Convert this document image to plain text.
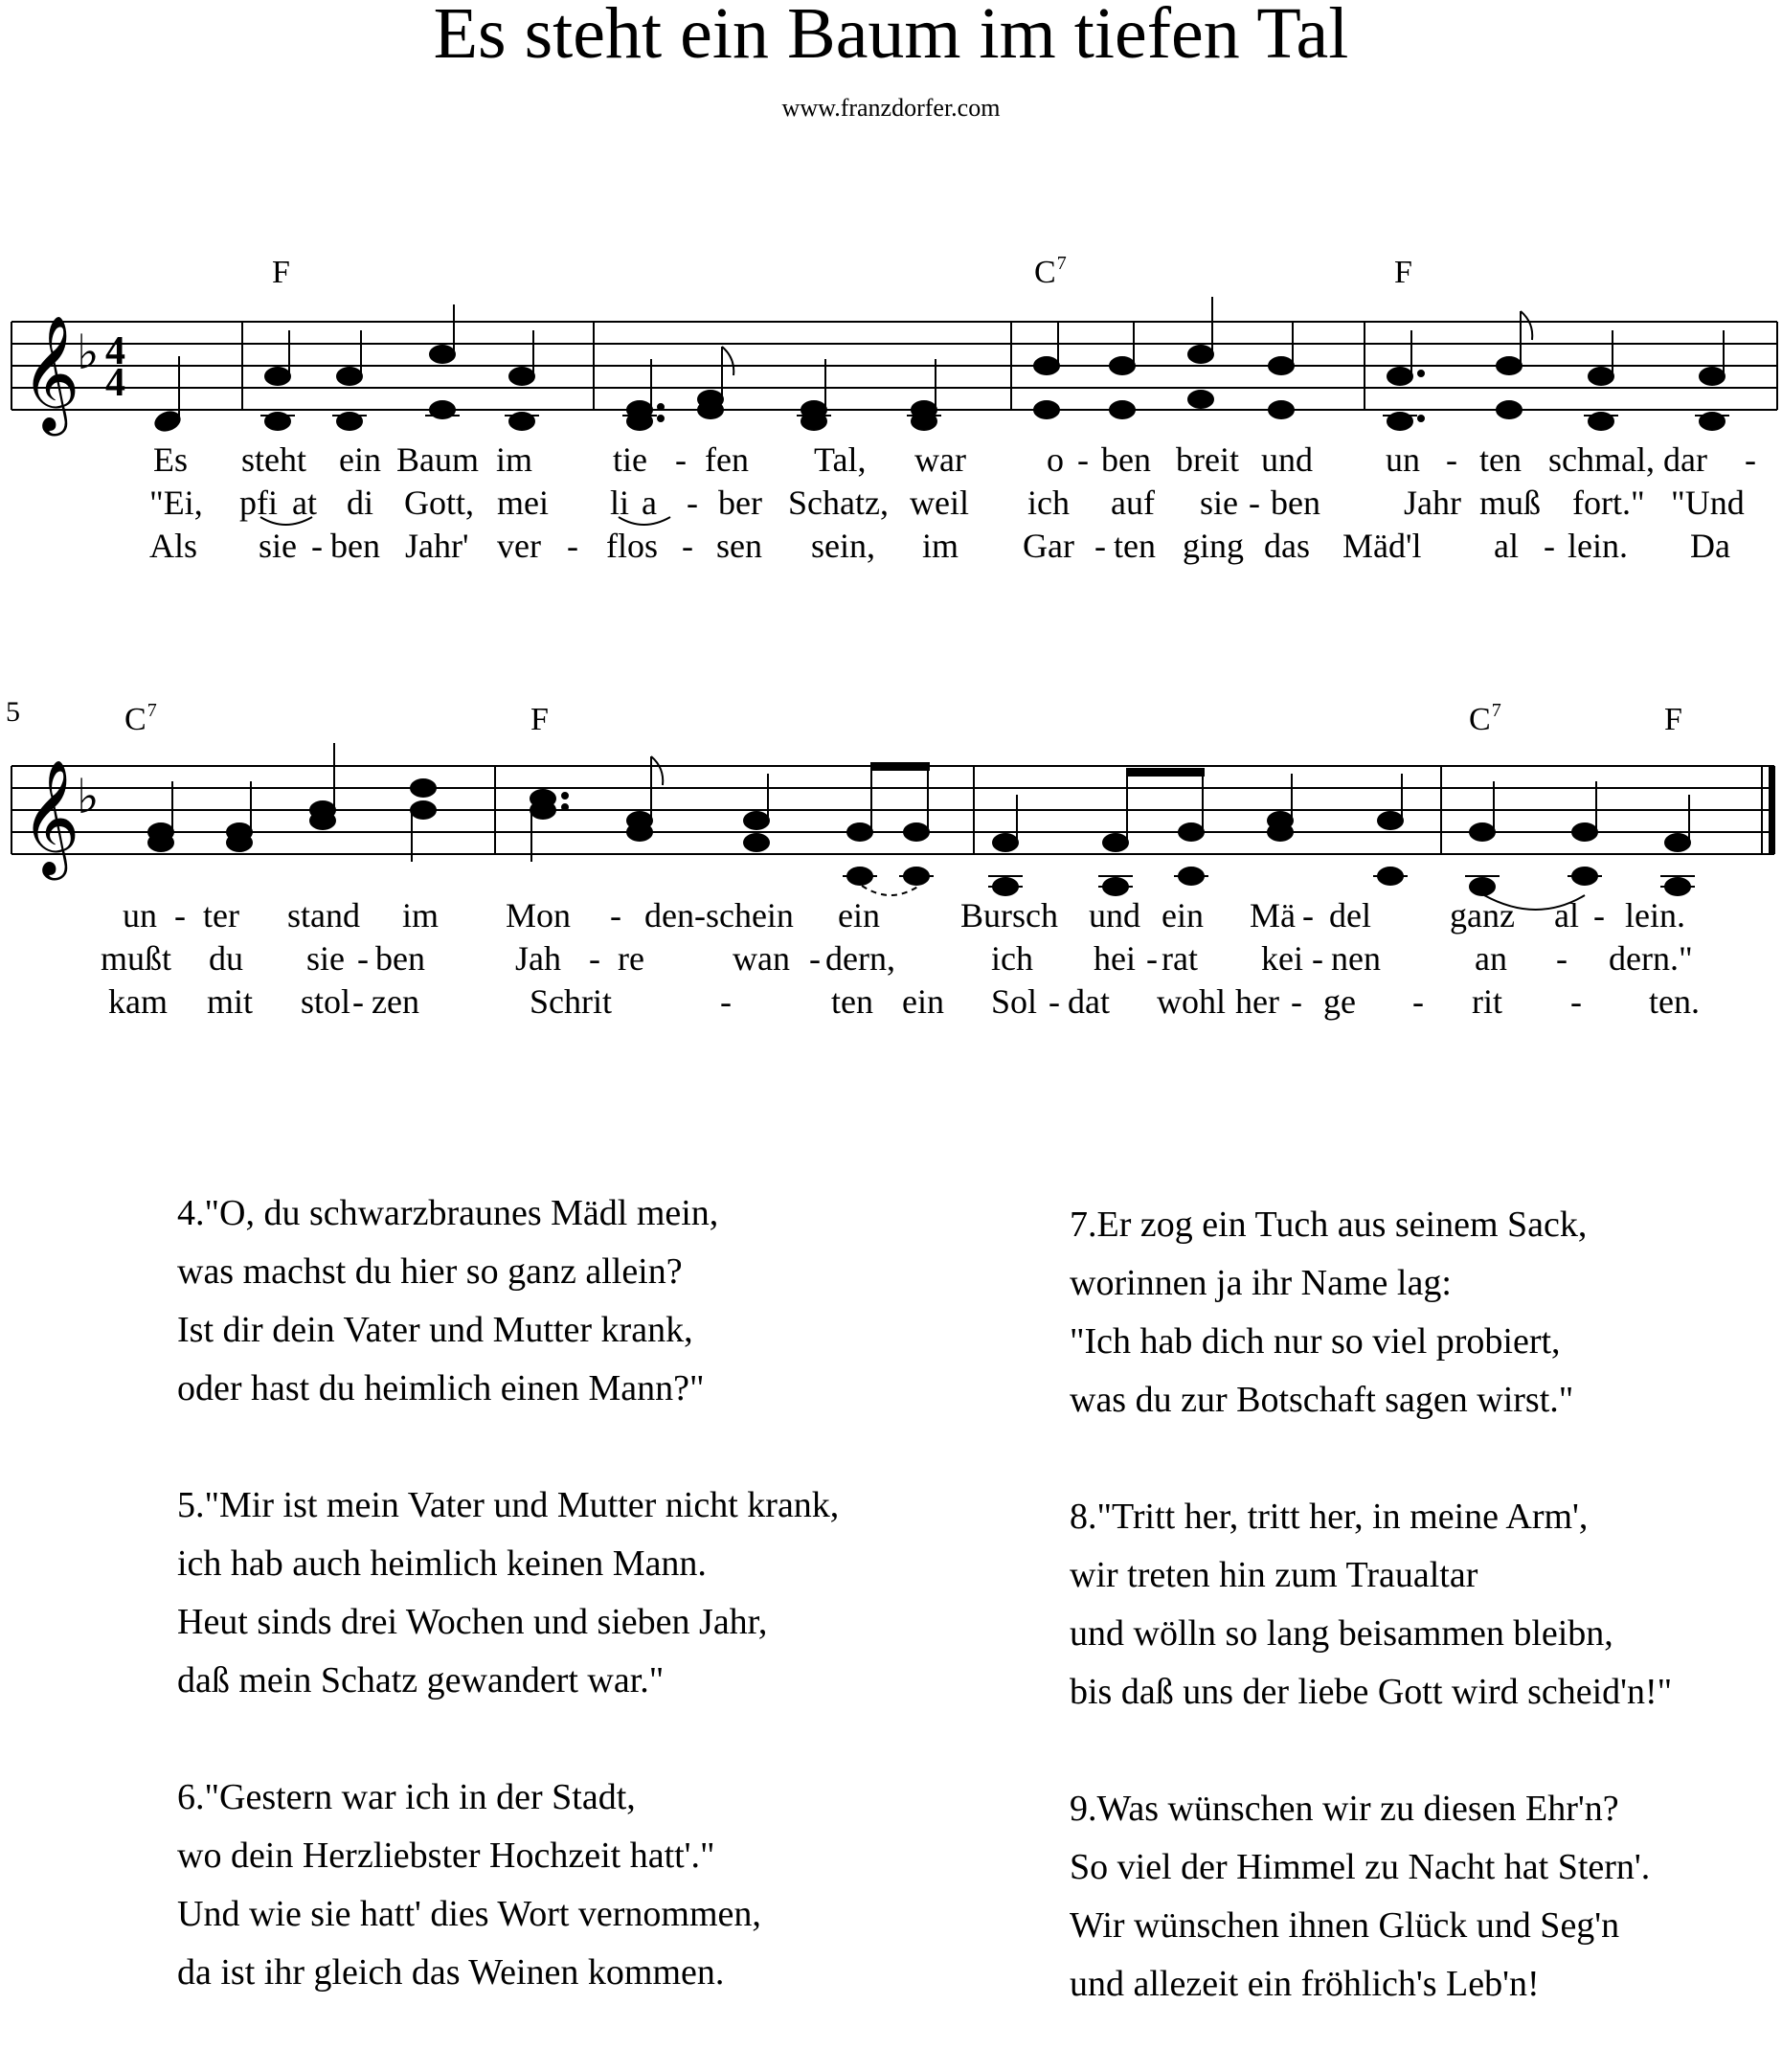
Es steht ein Baum im tiefen Tal
www.franzdorfer.com
F	$C^7$	F
𝄞
♭ 4
4
Es steht ein Baum im tie - fen Tal, war o - ben breit und un - ten schmal, dar -
"Ei, pfi at di Gott, mei li a - ber Schatz, weil ich auf sie - ben Jahr muß fort." "Und
Als sie - ben Jahr' ver - flos - sen sein, im Gar - ten ging das Mäd'l al - lein. Da
5	$C^7$	F	$C^7$	F
𝄞
♭
un - ter stand im Mon - den-schein ein Bursch und ein Mä - del ganz al - lein.
mußt du sie - ben	Jah - re	wan - dern,	ich hei - rat kei - nen	an - dern."
kam mit stol - zen	Schrit	-	ten ein Sol - dat wohl her - ge - rit - ten.
4."O, du schwarzbraunes Mädl mein,
was machst du hier so ganz allein?
Ist dir dein Vater und Mutter krank,
oder hast du heimlich einen Mann?"
5."Mir ist mein Vater und Mutter nicht krank,
ich hab auch heimlich keinen Mann.
Heut sinds drei Wochen und sieben Jahr,
daß mein Schatz gewandert war."
6."Gestern war ich in der Stadt,
wo dein Herzliebster Hochzeit hatt'."
Und wie sie hatt' dies Wort vernommen,
da ist ihr gleich das Weinen kommen.
7.Er zog ein Tuch aus seinem Sack,
worinnen ja ihr Name lag:
"Ich hab dich nur so viel probiert,
was du zur Botschaft sagen wirst."
8."Tritt her, tritt her, in meine Arm',
wir treten hin zum Traualtar
und wölln so lang beisammen bleibn,
bis daß uns der liebe Gott wird scheid'n!"
9.Was wünschen wir zu diesen Ehr'n?
So viel der Himmel zu Nacht hat Stern'.
Wir wünschen ihnen Glück und Seg'n
und allezeit ein fröhlich's Leb'n!
